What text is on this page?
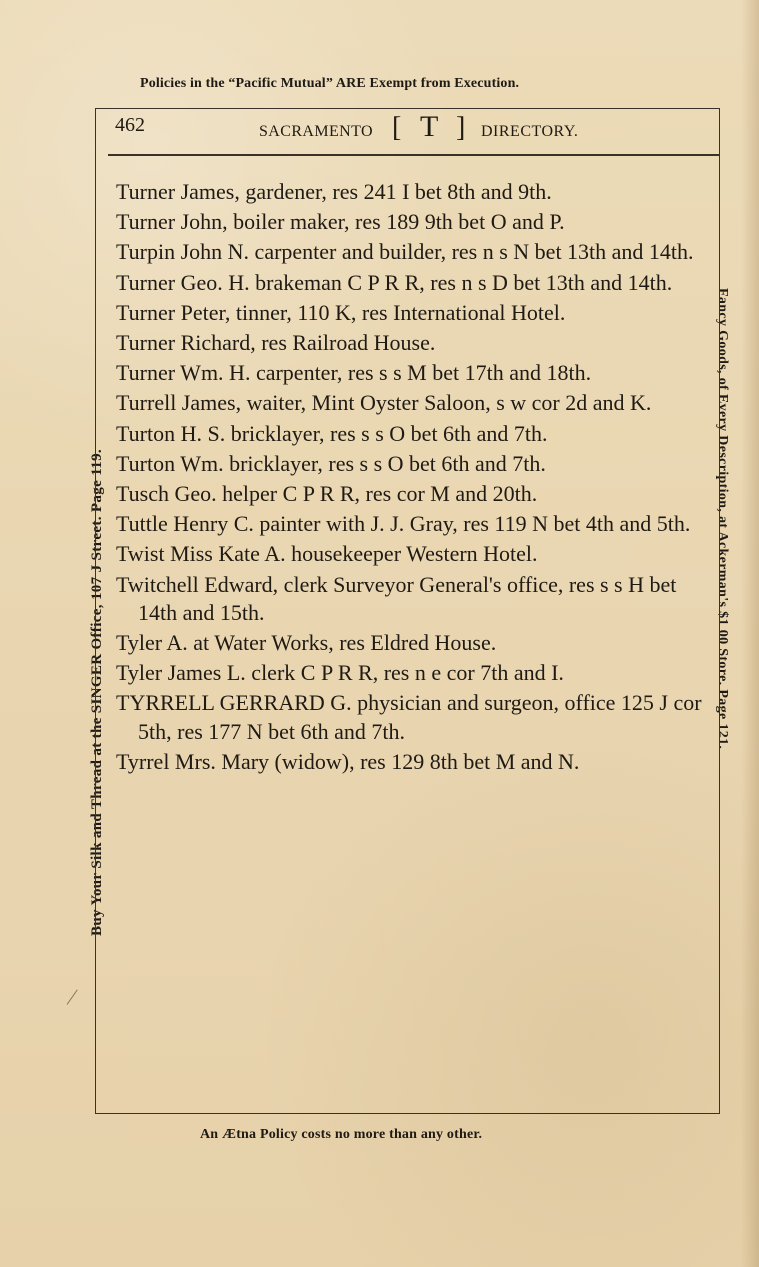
Policies in the “Pacific Mutual” ARE Exempt from Execution.
Buy Your Silk and Thread at the SINGER Office, 107 J Street. Page 119.	Fancy Goods, of Every Description, at Ackerman's $1 00 Store. Page 121.
462	SACRAMENTO [ T ] DIRECTORY.
Turner James, gardener, res 241 I bet 8th and 9th.
Turner John, boiler maker, res 189 9th bet O and P.
Turpin John N. carpenter and builder, res n s N bet 13th and 14th.
Turner Geo. H. brakeman C P R R, res n s D bet 13th and 14th.
Turner Peter, tinner, 110 K, res International Hotel.
Turner Richard, res Railroad House.
Turner Wm. H. carpenter, res s s M bet 17th and 18th.
Turrell James, waiter, Mint Oyster Saloon, s w cor 2d and K.
Turton H. S. bricklayer, res s s O bet 6th and 7th.
Turton Wm. bricklayer, res s s O bet 6th and 7th.
Tusch Geo. helper C P R R, res cor M and 20th.
Tuttle Henry C. painter with J. J. Gray, res 119 N bet 4th and 5th.
Twist Miss Kate A. housekeeper Western Hotel.
Twitchell Edward, clerk Surveyor General's office, res s s H bet 14th and 15th.
Tyler A. at Water Works, res Eldred House.
Tyler James L. clerk C P R R, res n e cor 7th and I.
TYRRELL GERRARD G. physician and surgeon, office 125 J cor 5th, res 177 N bet 6th and 7th.
Tyrrel Mrs. Mary (widow), res 129 8th bet M and N.
An Ætna Policy costs no more than any other.
